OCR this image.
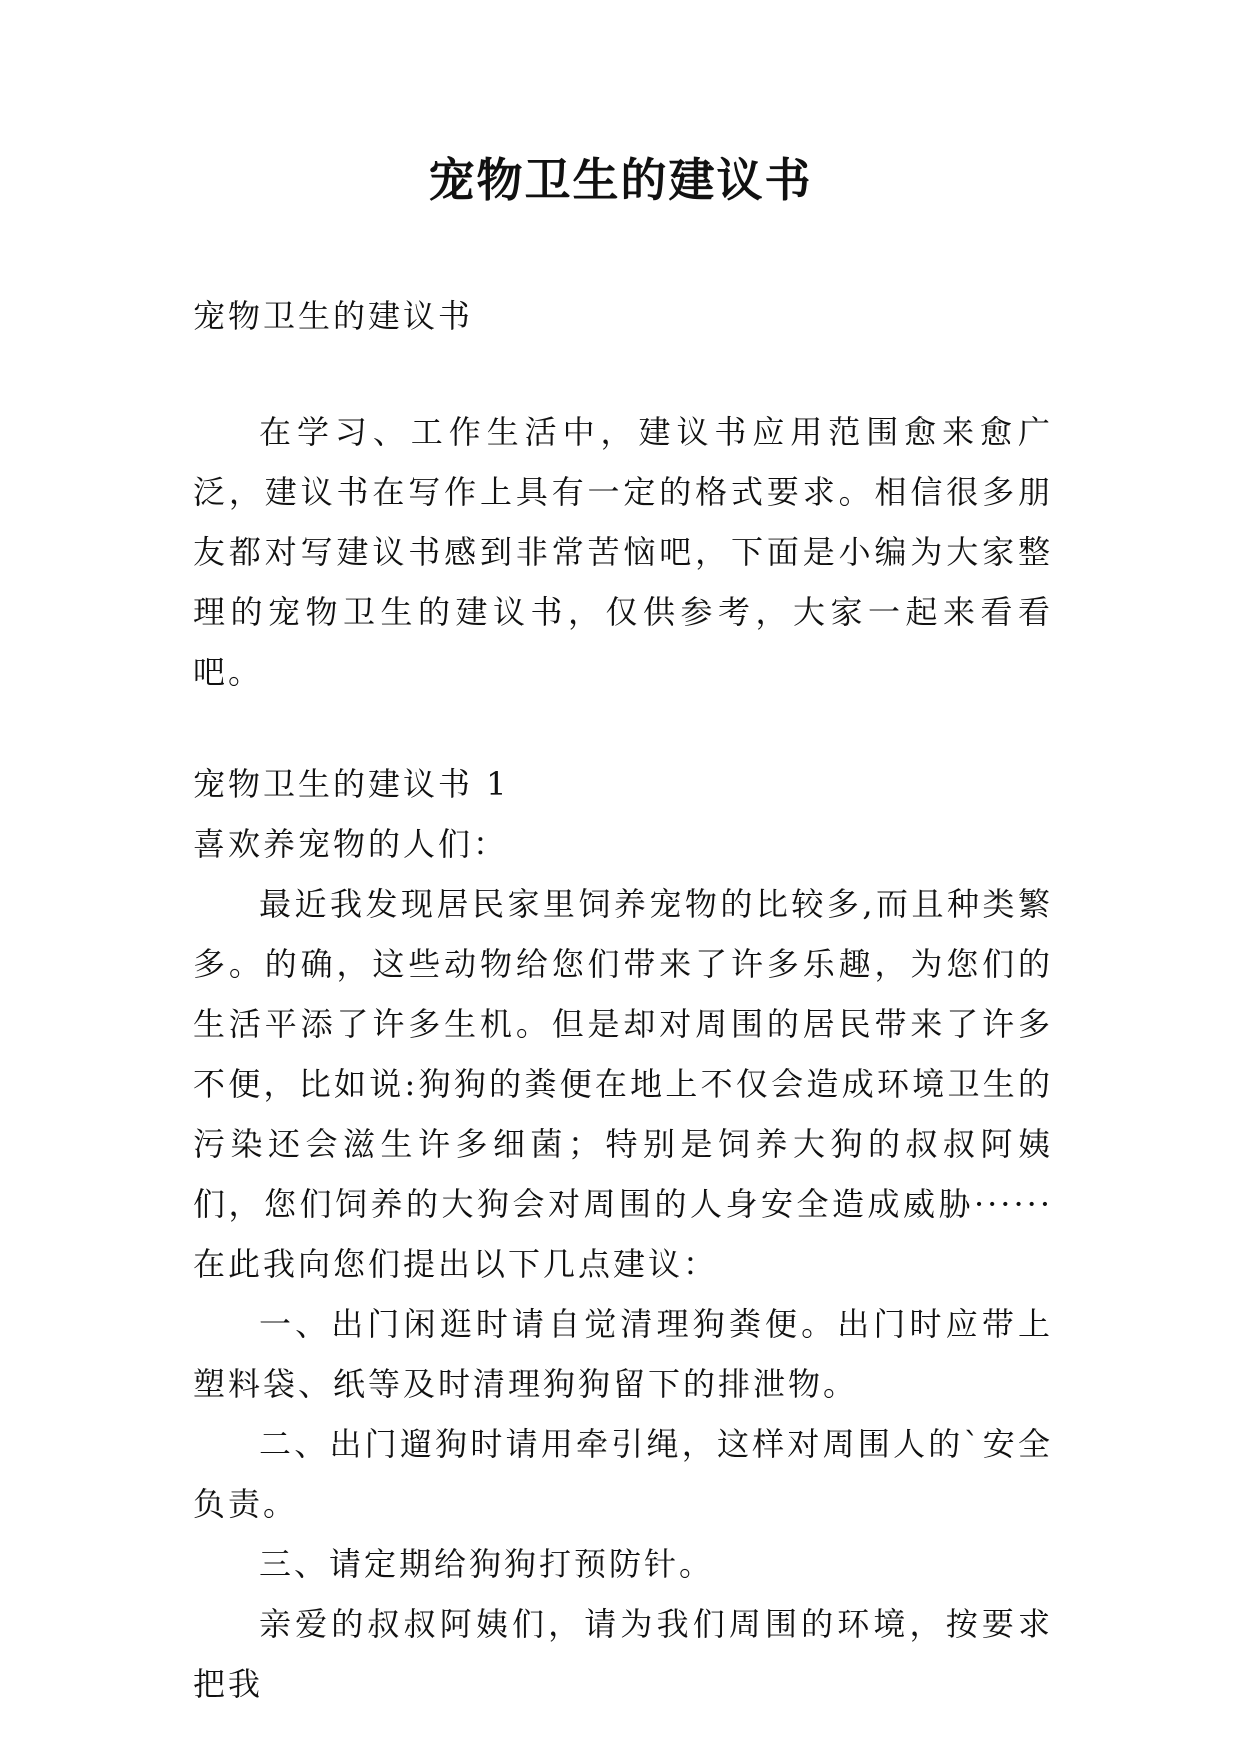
宠物卫生的建议书

宠物卫生的建议书

在学习、工作生活中，建议书应用范围愈来愈广泛，建议书在写作上具有一定的格式要求。相信很多朋友都对写建议书感到非常苦恼吧，下面是小编为大家整理的宠物卫生的建议书，仅供参考，大家一起来看看吧。

宠物卫生的建议书 1

喜欢养宠物的人们：

最近我发现居民家里饲养宠物的比较多,而且种类繁多。的确，这些动物给您们带来了许多乐趣，为您们的生活平添了许多生机。但是却对周围的居民带来了许多不便，比如说:狗狗的粪便在地上不仅会造成环境卫生的污染还会滋生许多细菌；特别是饲养大狗的叔叔阿姨们，您们饲养的大狗会对周围的人身安全造成威胁······在此我向您们提出以下几点建议：

一、出门闲逛时请自觉清理狗粪便。出门时应带上塑料袋、纸等及时清理狗狗留下的排泄物。

二、出门遛狗时请用牵引绳，这样对周围人的`安全负责。

三、请定期给狗狗打预防针。

亲爱的叔叔阿姨们，请为我们周围的环境，按要求把我
